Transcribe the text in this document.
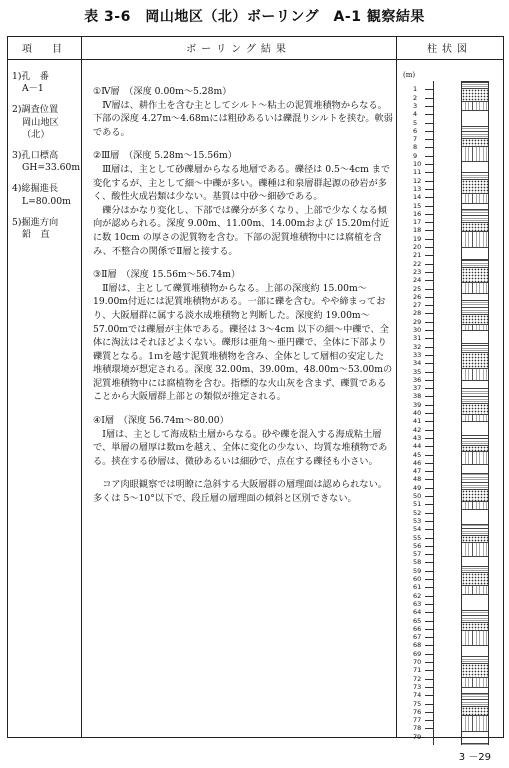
表 3-6　岡山地区（北）ボーリング　A-1 観察結果
項　目	ボーリング結果	柱状図
1)孔　番
A－1
2)調査位置
岡山地区（北）
3)孔口標高
GH=33.60m
4)総掘進長
L=80.00m
5)掘進方向
鉛　直
①Ⅳ層　（深度 0.00m～5.28m）
Ⅳ層は、耕作土を含む主としてシルト～粘土の泥質堆積物からなる。下部の深度 4.27m～4.68mには粗砂あるいは礫混りシルトを挟む。軟弱である。
②Ⅲ層　（深度 5.28m～15.56m）
Ⅲ層は、主として砂礫層からなる地層である。礫径は 0.5～4cm まで変化するが、主として細～中礫が多い。礫種は和泉層群起源の砂岩が多く、酸性火成岩類は少ない。基質は中砂～細砂である。
礫分はかなり変化し、下部では礫分が多くなり、上部で少なくなる傾向が認められる。深度 9.00m、11.00m、14.00mおよび 15.20m付近に数 10cm の厚さの泥質物を含む。下部の泥質堆積物中には腐植を含み、不整合の関係でⅡ層と接する。
③Ⅱ層　（深度 15.56m～56.74m）
Ⅱ層は、主として礫質堆積物からなる。上部の深度約 15.00m～19.00m付近には泥質堆積物がある。一部に礫を含む。やや締まっており、大阪層群に属する淡水成堆積物と判断した。深度約 19.00m～57.00mでは礫層が主体である。礫径は 3～4cm 以下の細～中礫で、全体に淘汰はそれほどよくない。礫形は亜角～亜円礫で、全体に下部より礫質となる。1ｍを越す泥質堆積物を含み、全体として層相の安定した堆積環境が想定される。深度 32.00m、39.00m、48.00m～53.00mの泥質堆積物中には腐植物を含む。指標的な火山灰を含まず、礫質であることから大阪層群上部との類似が推定される。
④Ⅰ層　（深度 56.74m～80.00）
Ⅰ層は、主として海成粘土層からなる。砂や礫を混入する海成粘土層で、単層の層厚は数ｍを越え、全体に変化の少ない、均質な堆積物である。挟在する砂層は、微砂あるいは細砂で、点在する礫径も小さい。
コア肉眼観察では明瞭に急斜する大阪層群の層理面は認められない。多くは 5～10°以下で、段丘層の層理面の傾斜と区別できない。
(m)
1
2
3
4
5
6
7
8
9
10
11
12
13
14
15
16
17
18
19
20
21
22
23
24
25
26
27
28
29
30
31
32
33
34
35
36
37
38
39
40
41
42
43
44
45
46
47
48
49
50
51
52
53
54
55
56
57
58
59
60
61
62
63
64
65
66
67
68
69
70
71
72
73
74
75
76
77
78
79
3 －29
